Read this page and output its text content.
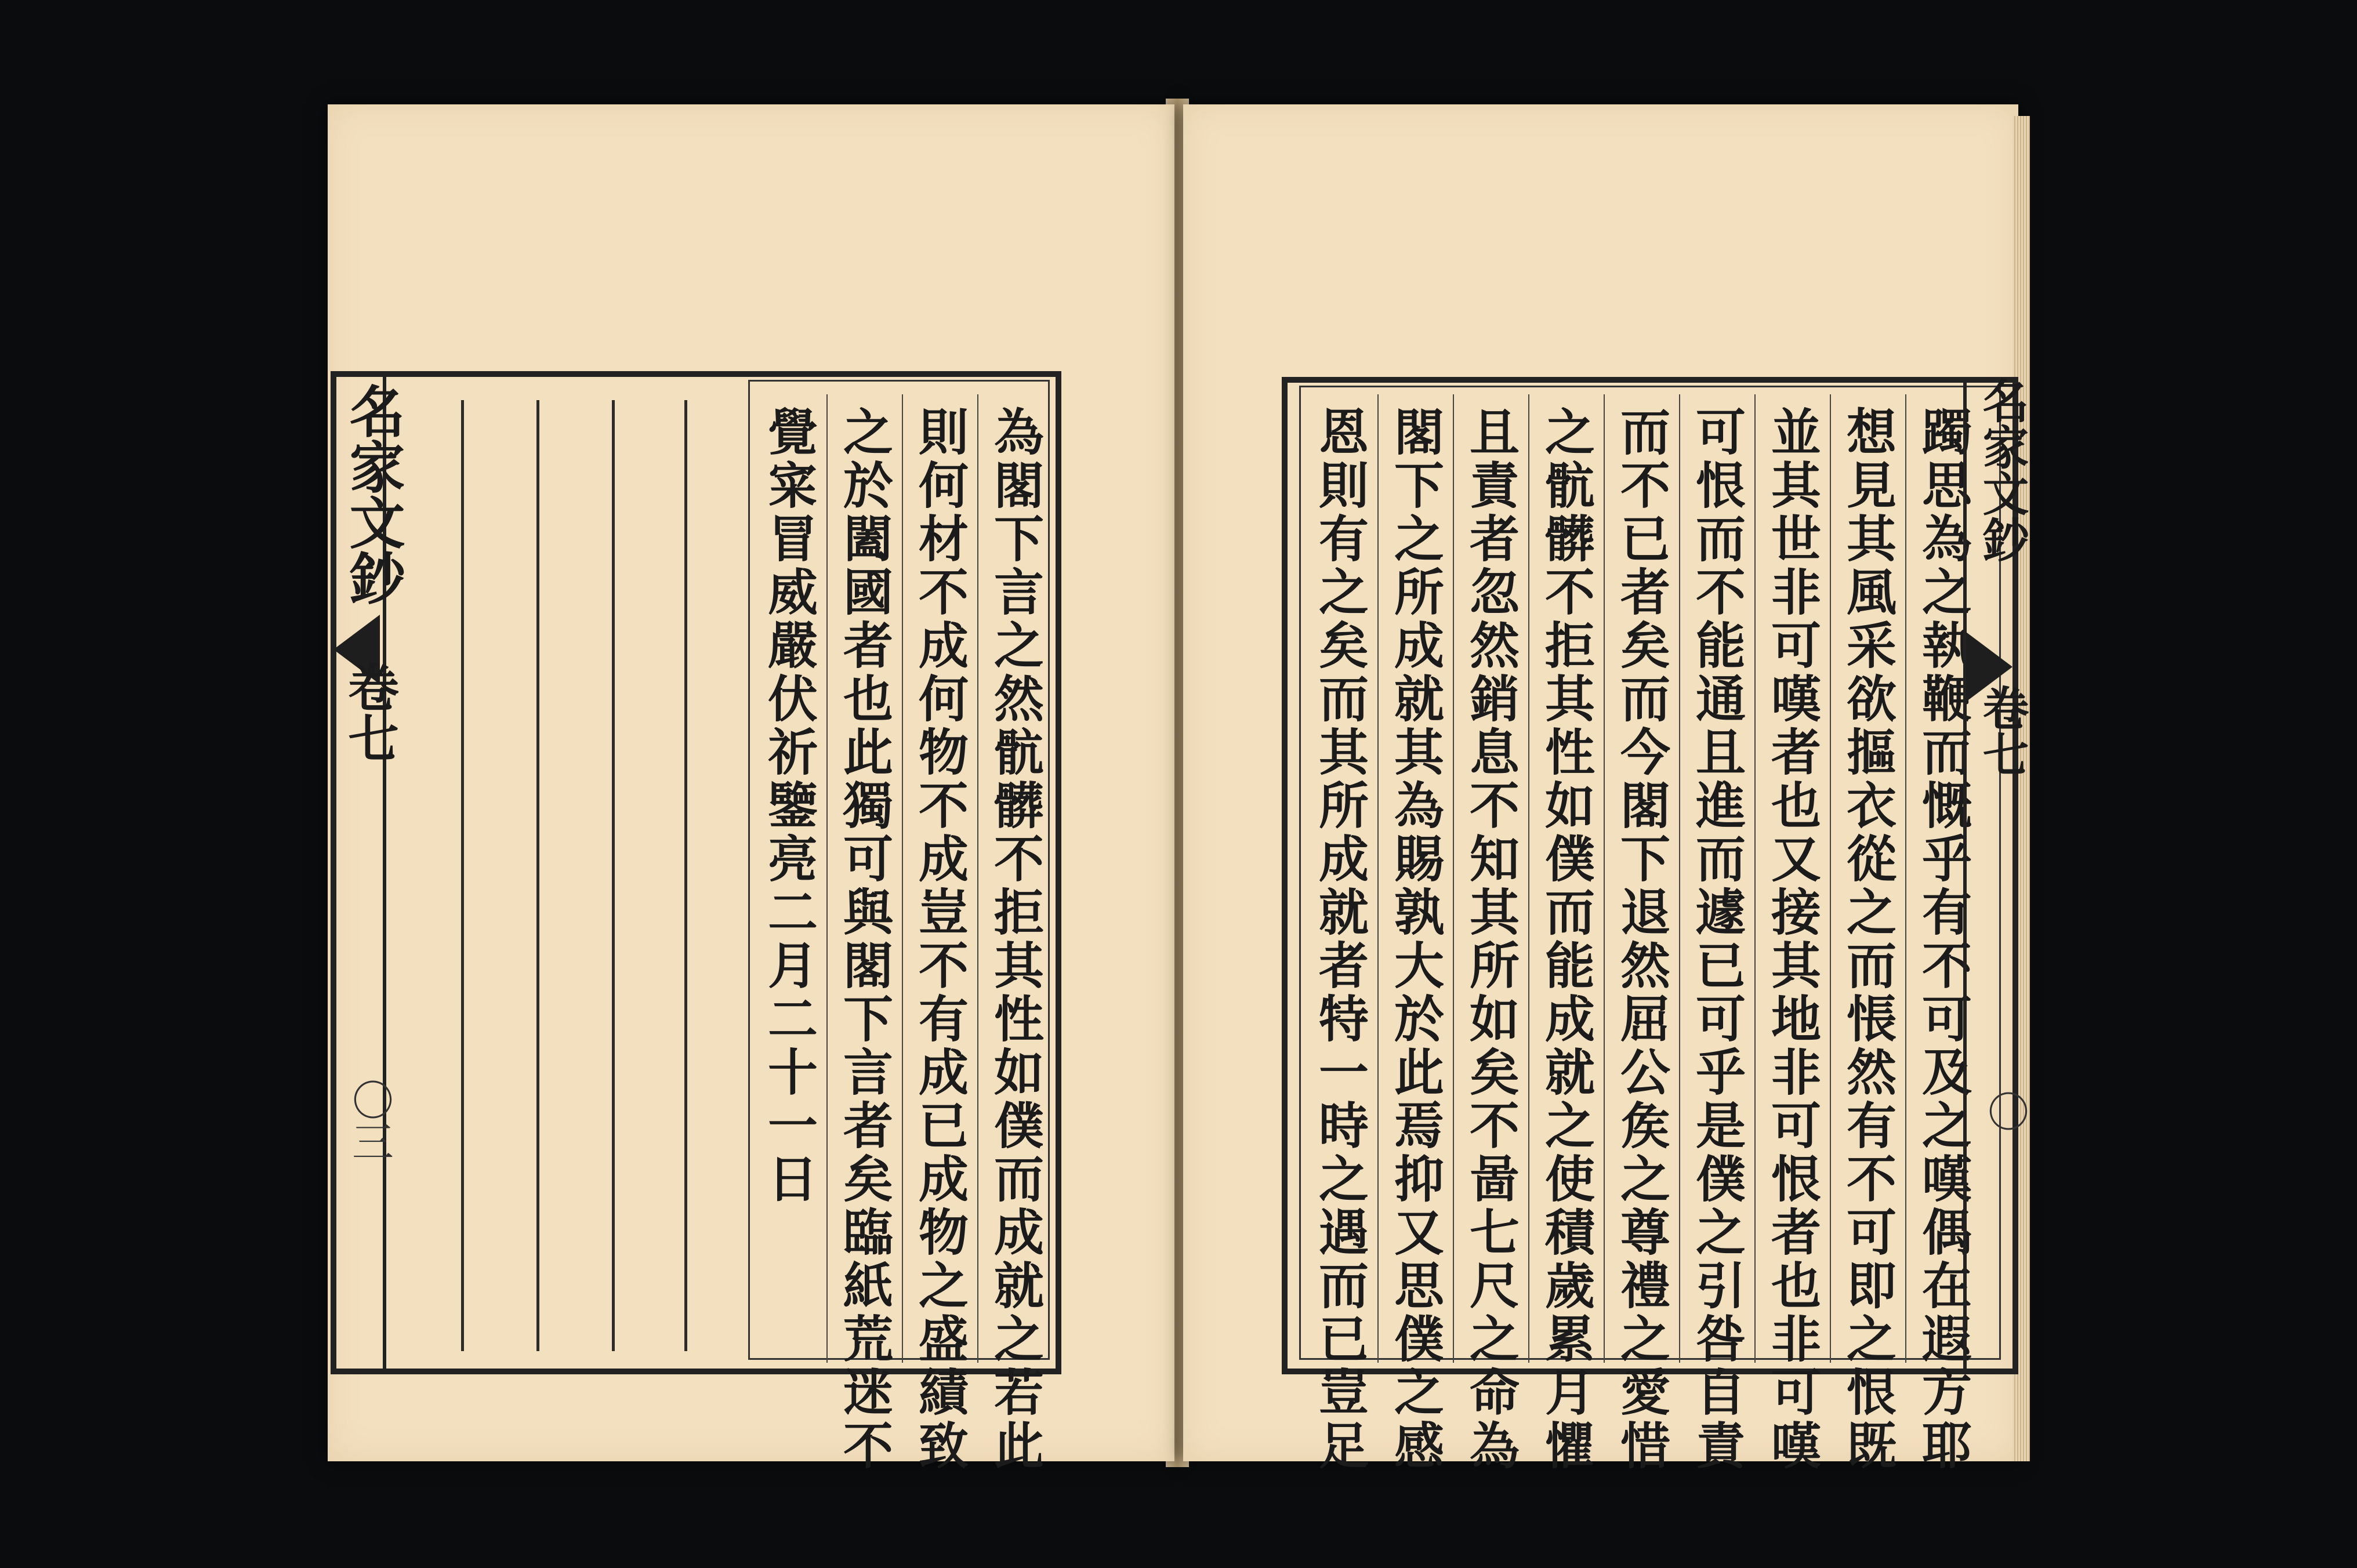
名家文鈔
卷七
〇三	覺寀冒威嚴伏祈鑒亮二月二十一日 之於闔國者也此獨可與閣下言者矣臨紙荒迷不 則何材不成何物不成豈不有成已成物之盛績致 為閣下言之然骯髒不拒其性如僕而成就之若此	恩則有之矣而其所成就者特一時之遇而已豈足 閣下之所成就其為賜孰大於此焉抑又思僕之感 且責者忽然銷息不知其所如矣不啚七尺之命為 之骯髒不拒其性如僕而能成就之使積歲累月懼 而不已者矣而今閣下退然屈公矦之尊禮之愛惜 可恨而不能通且進而遽已可乎是僕之引咎自責 並其世非可嘆者也又接其地非可恨者也非可嘆 想見其風采欲摳衣從之而悵然有不可即之恨既 躅思為之執鞭而慨乎有不可及之嘆偶在遐方耶 名家文鈔
卷七
〇
